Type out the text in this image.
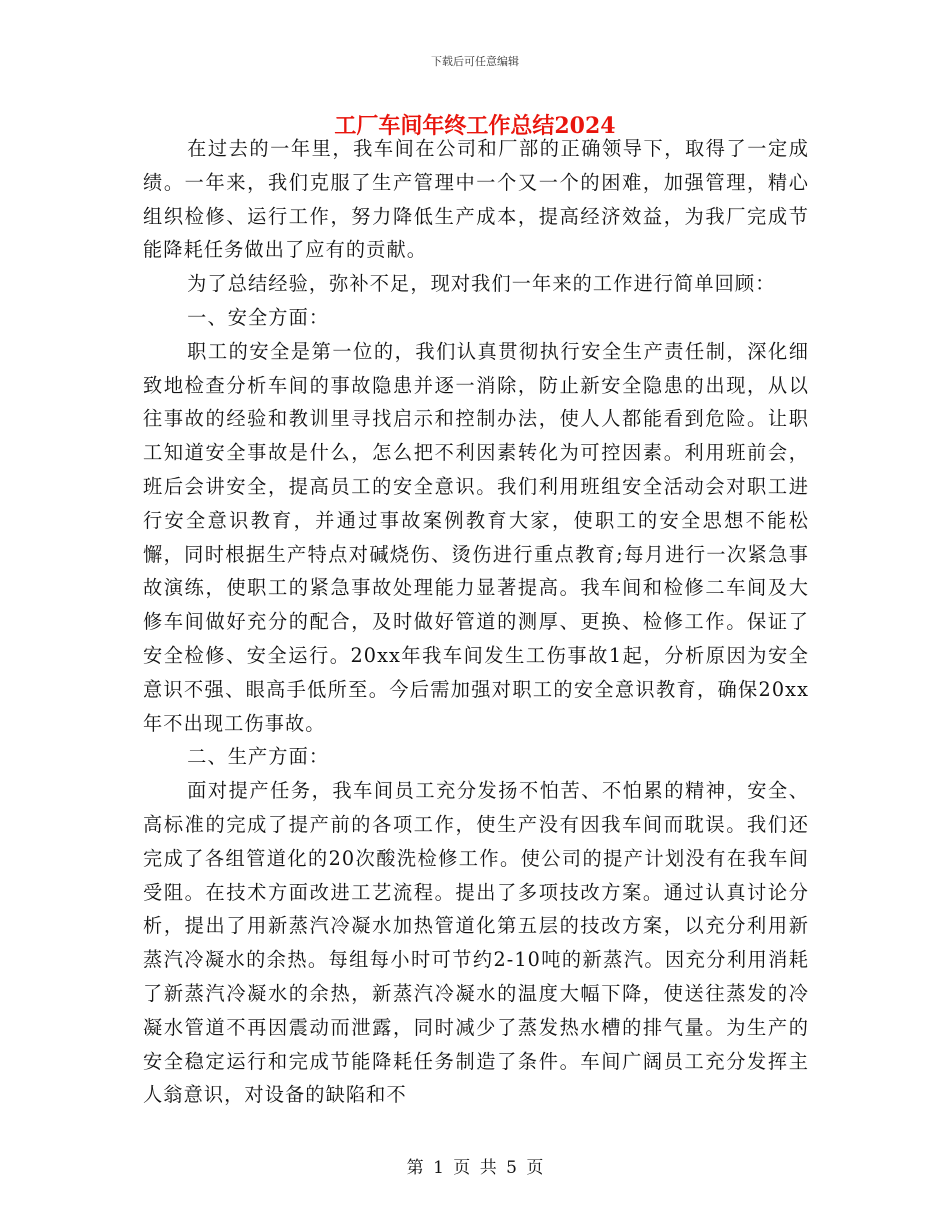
下载后可任意编辑
工厂车间年终工作总结2024

在过去的一年里，我车间在公司和厂部的正确领导下，取得了一定成绩。一年来，我们克服了生产管理中一个又一个的困难，加强管理，精心组织检修、运行工作，努力降低生产成本，提高经济效益，为我厂完成节能降耗任务做出了应有的贡献。

为了总结经验，弥补不足，现对我们一年来的工作进行简单回顾：

一、安全方面：

职工的安全是第一位的，我们认真贯彻执行安全生产责任制，深化细致地检查分析车间的事故隐患并逐一消除，防止新安全隐患的出现，从以往事故的经验和教训里寻找启示和控制办法，使人人都能看到危险。让职工知道安全事故是什么，怎么把不利因素转化为可控因素。利用班前会，班后会讲安全，提高员工的安全意识。我们利用班组安全活动会对职工进行安全意识教育，并通过事故案例教育大家，使职工的安全思想不能松懈，同时根据生产特点对碱烧伤、烫伤进行重点教育;每月进行一次紧急事故演练，使职工的紧急事故处理能力显著提高。我车间和检修二车间及大修车间做好充分的配合，及时做好管道的测厚、更换、检修工作。保证了安全检修、安全运行。20xx年我车间发生工伤事故1起，分析原因为安全意识不强、眼高手低所至。今后需加强对职工的安全意识教育，确保20xx年不出现工伤事故。

二、生产方面：

面对提产任务，我车间员工充分发扬不怕苦、不怕累的精神，安全、高标准的完成了提产前的各项工作，使生产没有因我车间而耽误。我们还完成了各组管道化的20次酸洗检修工作。使公司的提产计划没有在我车间受阻。在技术方面改进工艺流程。提出了多项技改方案。通过认真讨论分析，提出了用新蒸汽冷凝水加热管道化第五层的技改方案，以充分利用新蒸汽冷凝水的余热。每组每小时可节约2-10吨的新蒸汽。因充分利用消耗了新蒸汽冷凝水的余热，新蒸汽冷凝水的温度大幅下降，使送往蒸发的冷凝水管道不再因震动而泄露，同时减少了蒸发热水槽的排气量。为生产的安全稳定运行和完成节能降耗任务制造了条件。车间广阔员工充分发挥主人翁意识，对设备的缺陷和不

第 1 页 共 5 页
